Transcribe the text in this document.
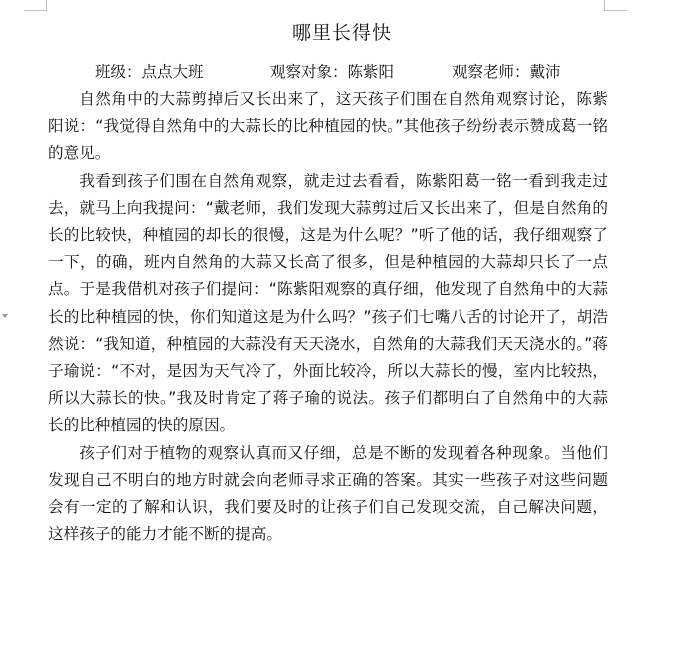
哪里长得快
班级：点点大班	观察对象：陈紫阳	观察老师：戴沛

自然角中的大蒜剪掉后又长出来了，这天孩子们围在自然角观察讨论，陈紫阳说：“我觉得自然角中的大蒜长的比种植园的快。”其他孩子纷纷表示赞成葛一铭的意见。

我看到孩子们围在自然角观察，就走过去看看，陈紫阳葛一铭一看到我走过去，就马上向我提问：“戴老师，我们发现大蒜剪过后又长出来了，但是自然角的长的比较快，种植园的却长的很慢，这是为什么呢？”听了他的话，我仔细观察了一下，的确，班内自然角的大蒜又长高了很多，但是种植园的大蒜却只长了一点点。于是我借机对孩子们提问：“陈紫阳观察的真仔细，他发现了自然角中的大蒜长的比种植园的快，你们知道这是为什么吗？”孩子们七嘴八舌的讨论开了，胡浩然说：“我知道，种植园的大蒜没有天天浇水，自然角的大蒜我们天天浇水的。”蒋子瑜说：“不对，是因为天气冷了，外面比较冷，所以大蒜长的慢，室内比较热，所以大蒜长的快。”我及时肯定了蒋子瑜的说法。孩子们都明白了自然角中的大蒜长的比种植园的快的原因。

孩子们对于植物的观察认真而又仔细，总是不断的发现着各种现象。当他们发现自己不明白的地方时就会向老师寻求正确的答案。其实一些孩子对这些问题会有一定的了解和认识，我们要及时的让孩子们自己发现交流，自己解决问题，这样孩子的能力才能不断的提高。
